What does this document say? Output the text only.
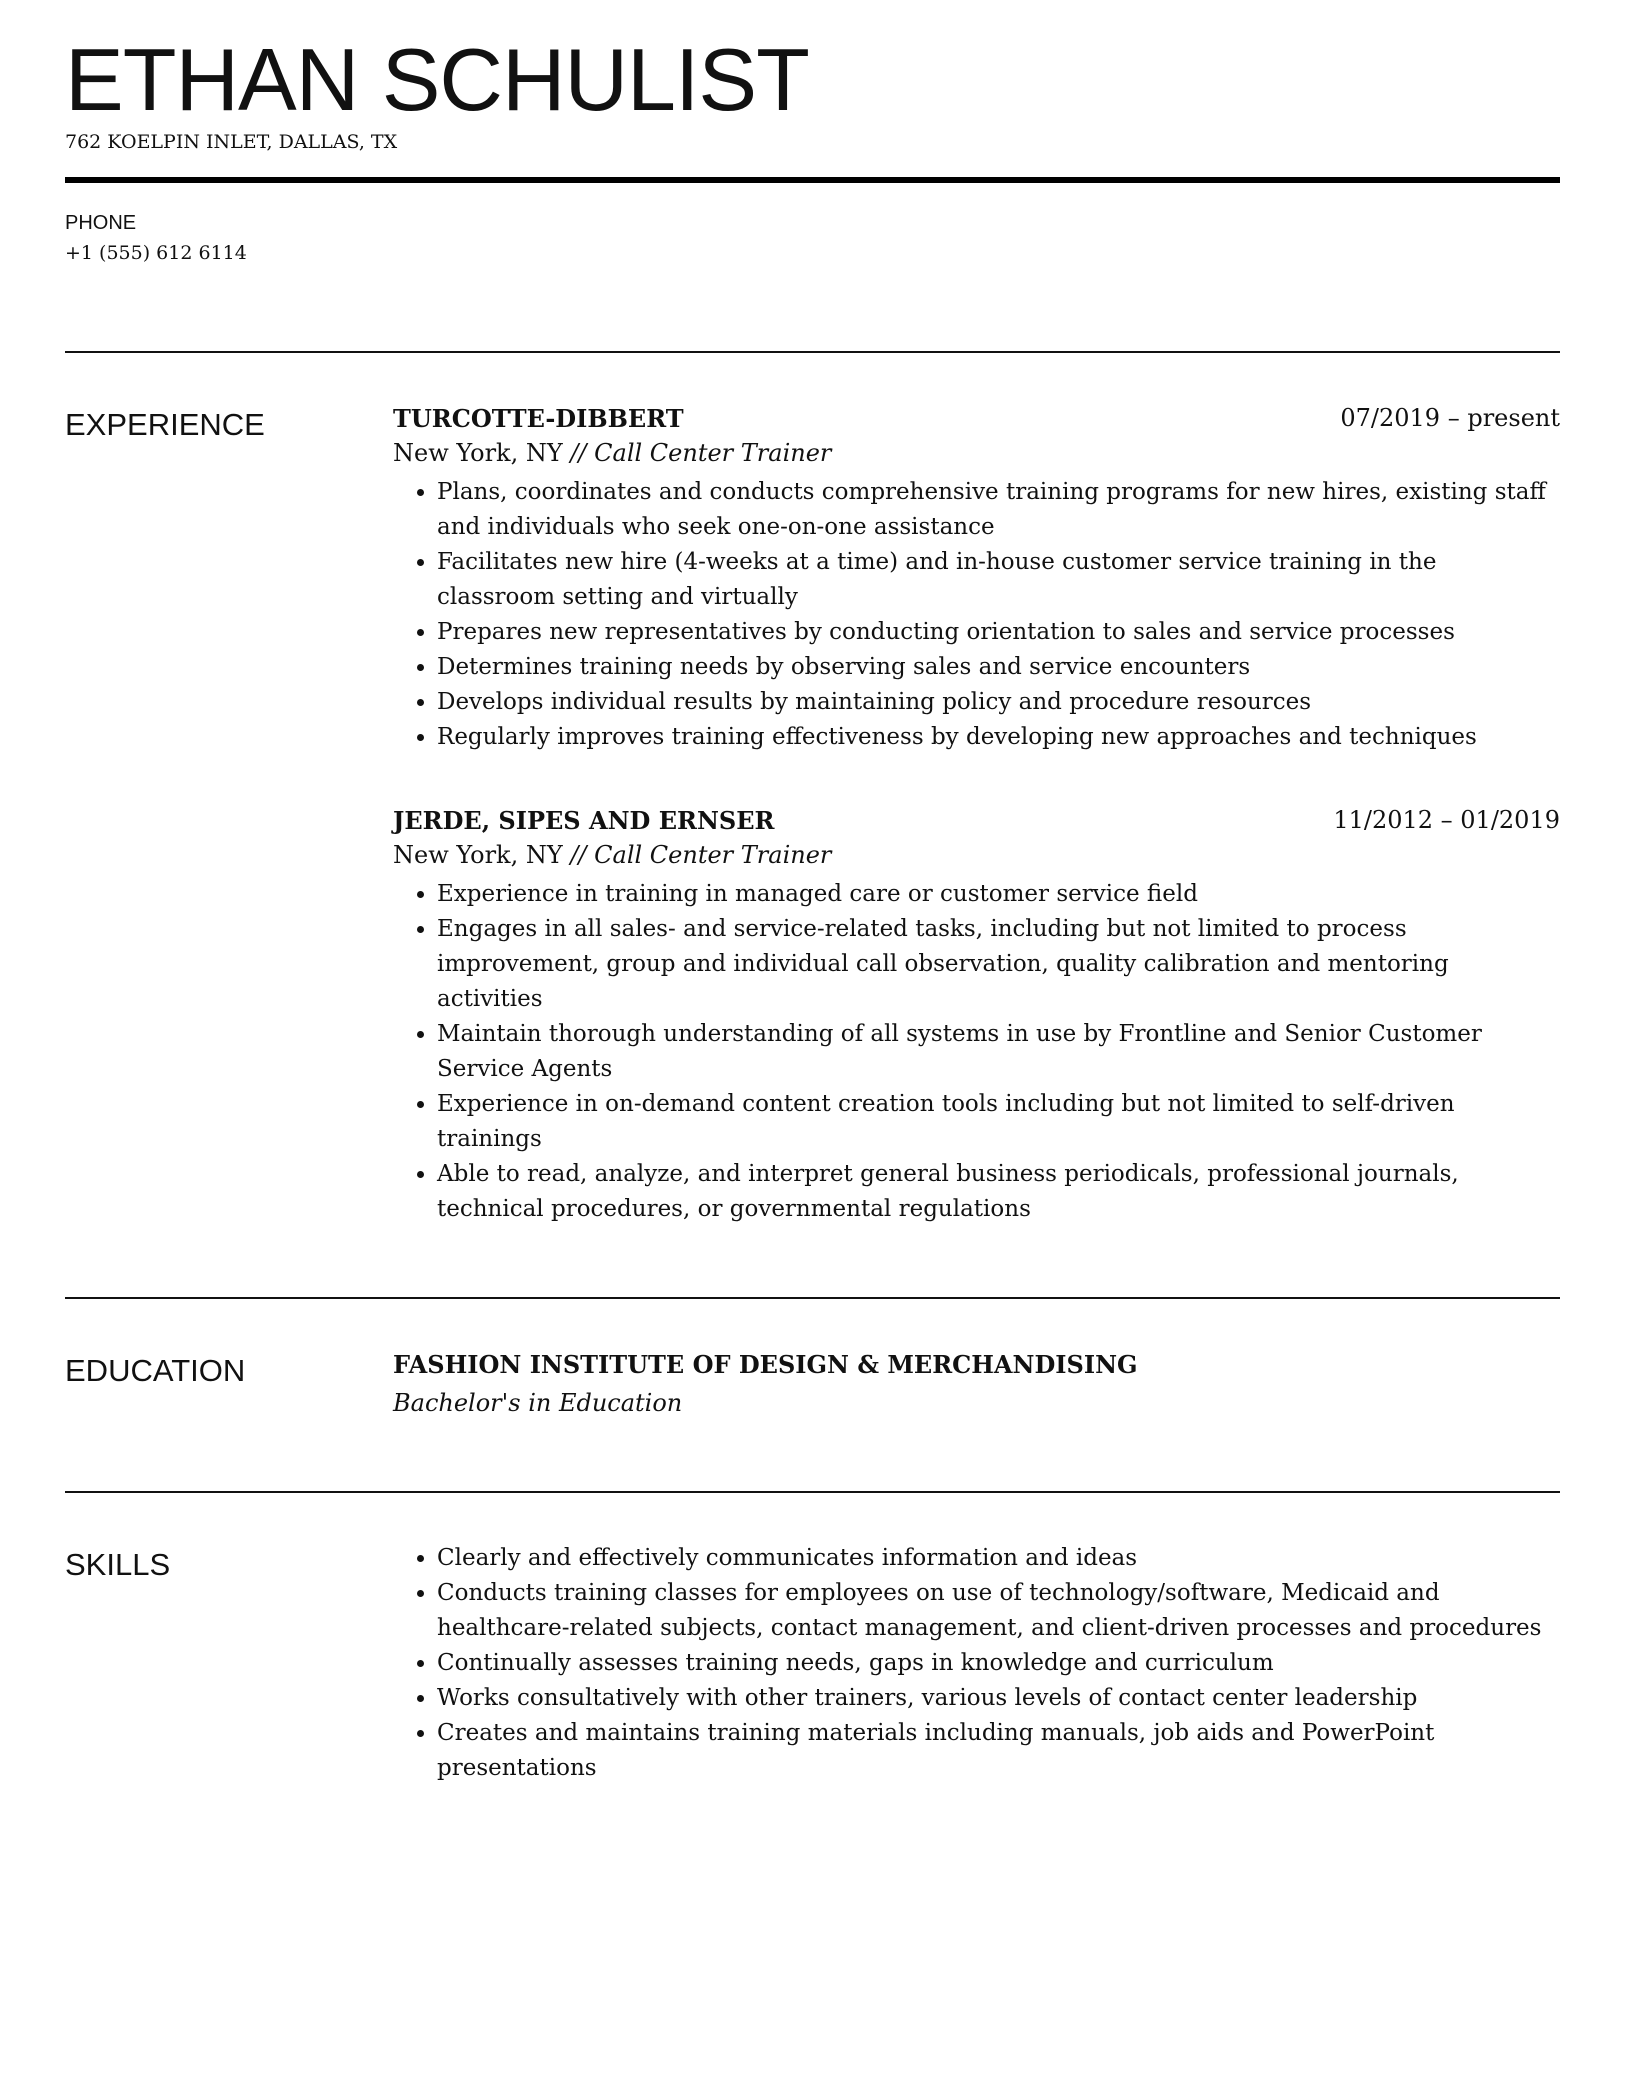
ETHAN SCHULIST
762 KOELPIN INLET, DALLAS, TX
PHONE
+1 (555) 612 6114
EXPERIENCE	TURCOTTE-DIBBERT	07/2019 – present
New York, NY // Call Center Trainer
• Plans, coordinates and conducts comprehensive training programs for new hires, existing staff and individuals who seek one-on-one assistance
• Facilitates new hire (4-weeks at a time) and in-house customer service training in the classroom setting and virtually
• Prepares new representatives by conducting orientation to sales and service processes
• Determines training needs by observing sales and service encounters
• Develops individual results by maintaining policy and procedure resources
• Regularly improves training effectiveness by developing new approaches and techniques
JERDE, SIPES AND ERNSER	11/2012 – 01/2019
New York, NY // Call Center Trainer
• Experience in training in managed care or customer service field
• Engages in all sales- and service-related tasks, including but not limited to process improvement, group and individual call observation, quality calibration and mentoring activities
• Maintain thorough understanding of all systems in use by Frontline and Senior Customer Service Agents
• Experience in on-demand content creation tools including but not limited to self-driven trainings
• Able to read, analyze, and interpret general business periodicals, professional journals, technical procedures, or governmental regulations
EDUCATION	FASHION INSTITUTE OF DESIGN & MERCHANDISING
Bachelor's in Education
SKILLS	• Clearly and effectively communicates information and ideas
• Conducts training classes for employees on use of technology/software, Medicaid and healthcare-related subjects, contact management, and client-driven processes and procedures
• Continually assesses training needs, gaps in knowledge and curriculum
• Works consultatively with other trainers, various levels of contact center leadership
• Creates and maintains training materials including manuals, job aids and PowerPoint presentations
